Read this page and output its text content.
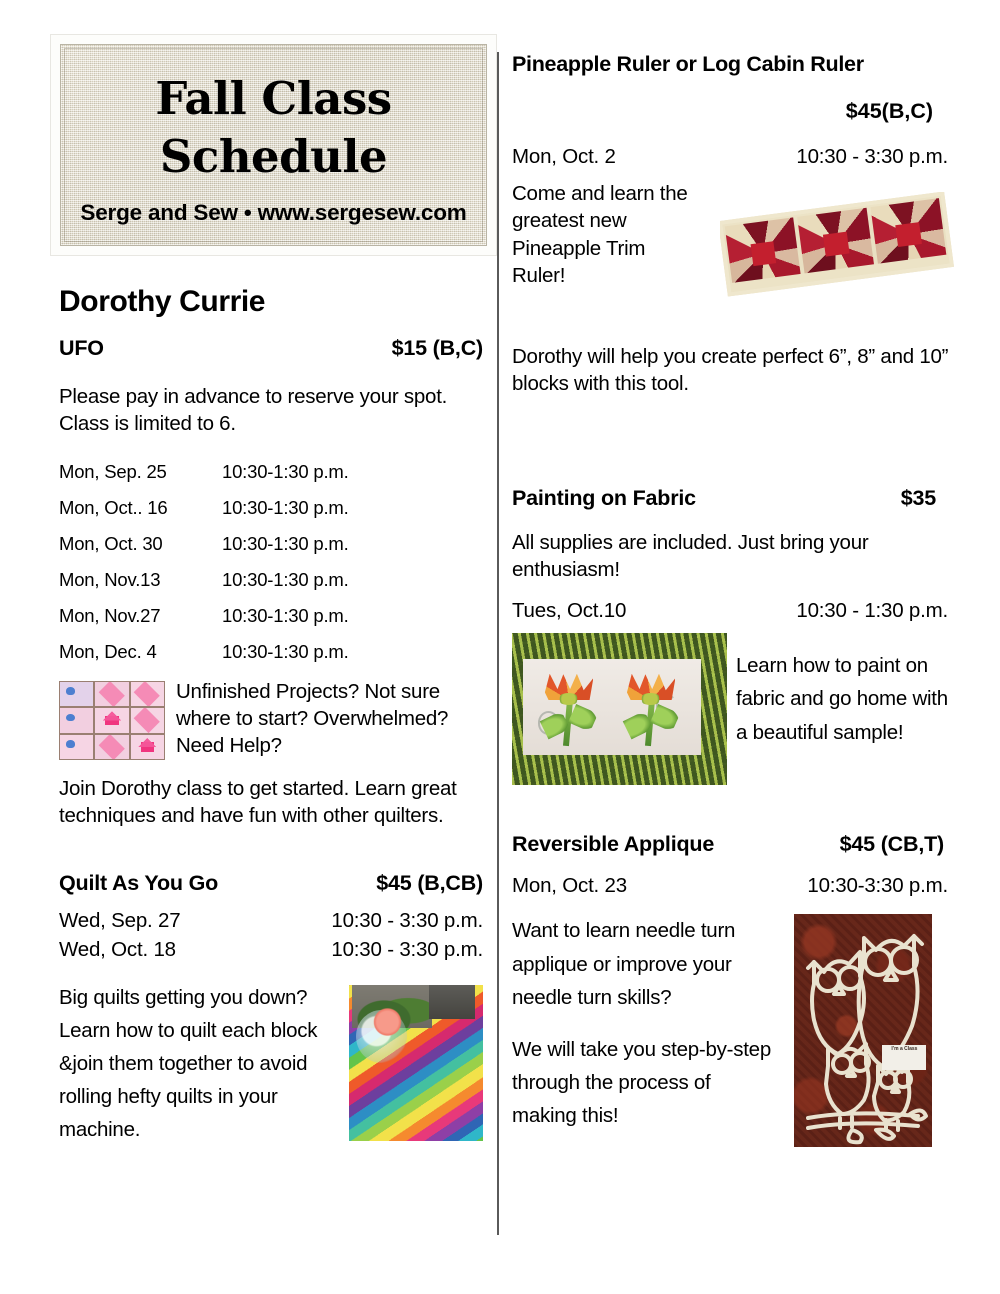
Fall Class
Schedule
Serge and Sew • www.sergesew.com
Dorothy Currie
UFO	$15 (B,C)
Please pay in advance to reserve your spot. Class is limited to 6.
Mon, Sep. 25	10:30-1:30 p.m.
Mon, Oct.. 16	10:30-1:30 p.m.
Mon, Oct. 30	10:30-1:30 p.m.
Mon, Nov.13	10:30-1:30 p.m.
Mon, Nov.27	10:30-1:30 p.m.
Mon, Dec. 4	10:30-1:30 p.m.
Unfinished Projects? Not sure where to start? Overwhelmed? Need Help?
Join Dorothy class to get started. Learn great techniques and have fun with other quilters.
Quilt As You Go	$45 (B,CB)
Wed, Sep. 27	10:30 - 3:30 p.m.
Wed, Oct. 18	10:30 - 3:30 p.m.
Big quilts getting you down? Learn how to quilt each block &join them together to avoid rolling hefty quilts in your machine.
Pineapple Ruler or Log Cabin Ruler
$45(B,C)
Mon, Oct. 2	10:30 - 3:30 p.m.
Come and learn the greatest new Pineapple Trim Ruler!
Dorothy will help you create perfect 6”, 8” and 10” blocks with this tool.
Painting on Fabric	$35
All supplies are included. Just bring your enthusiasm!
Tues, Oct.10	10:30 - 1:30 p.m.
Learn how to paint on fabric and go home with a beautiful sample!
Reversible Applique	$45 (CB,T)
Mon, Oct. 23	10:30-3:30 p.m.
I’m a Class
Want to learn needle turn applique or improve your needle turn skills?
We will take you step-by-step through the process of making this!
